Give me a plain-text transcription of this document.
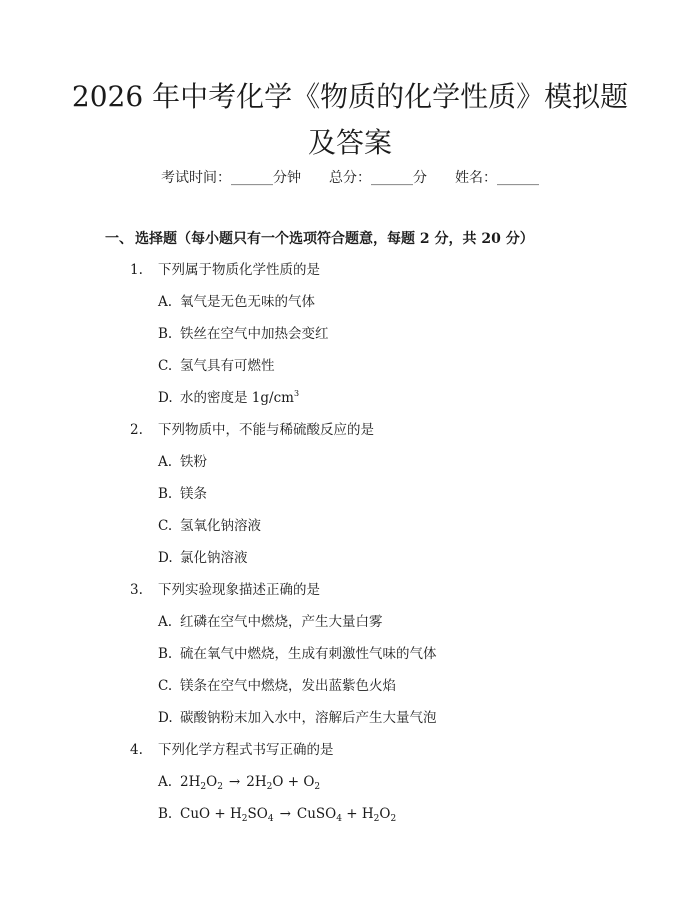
2026 年中考化学《物质的化学性质》模拟题
及答案
考试时间：______分钟 总分：______分 姓名：______
一、 选择题（每小题只有一个选项符合题意，每题 2 分，共 20 分）
1. 下列属于物质化学性质的是
A. 氧气是无色无味的气体
B. 铁丝在空气中加热会变红
C. 氢气具有可燃性
D. 水的密度是 $1g/cm^3$
2. 下列物质中，不能与稀硫酸反应的是
A. 铁粉
B. 镁条
C. 氢氧化钠溶液
D. 氯化钠溶液
3. 下列实验现象描述正确的是
A. 红磷在空气中燃烧，产生大量白雾
B. 硫在氧气中燃烧，生成有刺激性气味的气体
C. 镁条在空气中燃烧，发出蓝紫色火焰
D. 碳酸钠粉末加入水中，溶解后产生大量气泡
4. 下列化学方程式书写正确的是
A. $2H_2O_2 \to 2H_2O + O_2$
B. CuO + $H_2SO_4$ → CuSO$_4$ + $H_2O_2$
